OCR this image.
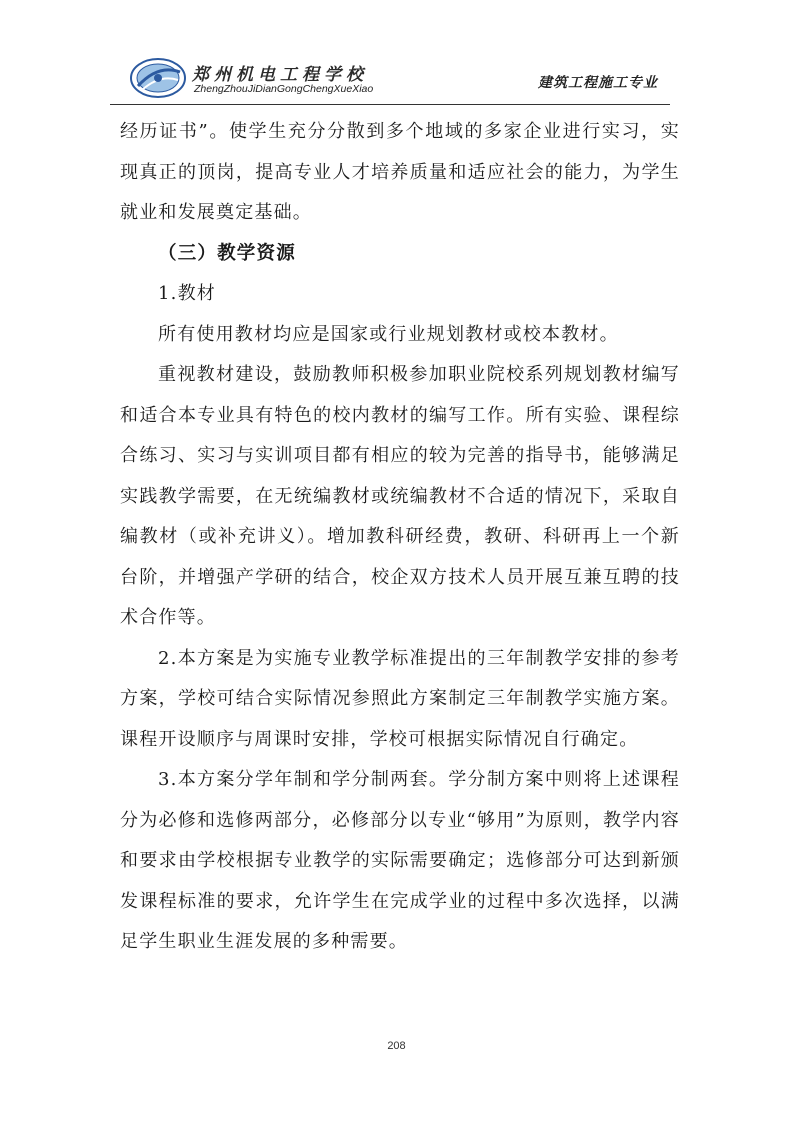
郑州机电工程学校
ZhengZhouJiDianGongChengXueXiao	建筑工程施工专业

经历证书”。使学生充分分散到多个地域的多家企业进行实习，实现真正的顶岗，提高专业人才培养质量和适应社会的能力，为学生就业和发展奠定基础。

（三）教学资源

1.教材

所有使用教材均应是国家或行业规划教材或校本教材。

重视教材建设，鼓励教师积极参加职业院校系列规划教材编写和适合本专业具有特色的校内教材的编写工作。所有实验、课程综合练习、实习与实训项目都有相应的较为完善的指导书，能够满足实践教学需要，在无统编教材或统编教材不合适的情况下，采取自编教材（或补充讲义）。增加教科研经费，教研、科研再上一个新台阶，并增强产学研的结合，校企双方技术人员开展互兼互聘的技术合作等。

2.本方案是为实施专业教学标准提出的三年制教学安排的参考方案，学校可结合实际情况参照此方案制定三年制教学实施方案。课程开设顺序与周课时安排，学校可根据实际情况自行确定。

3.本方案分学年制和学分制两套。学分制方案中则将上述课程分为必修和选修两部分，必修部分以专业“够用”为原则，教学内容和要求由学校根据专业教学的实际需要确定；选修部分可达到新颁发课程标准的要求，允许学生在完成学业的过程中多次选择，以满足学生职业生涯发展的多种需要。

208
